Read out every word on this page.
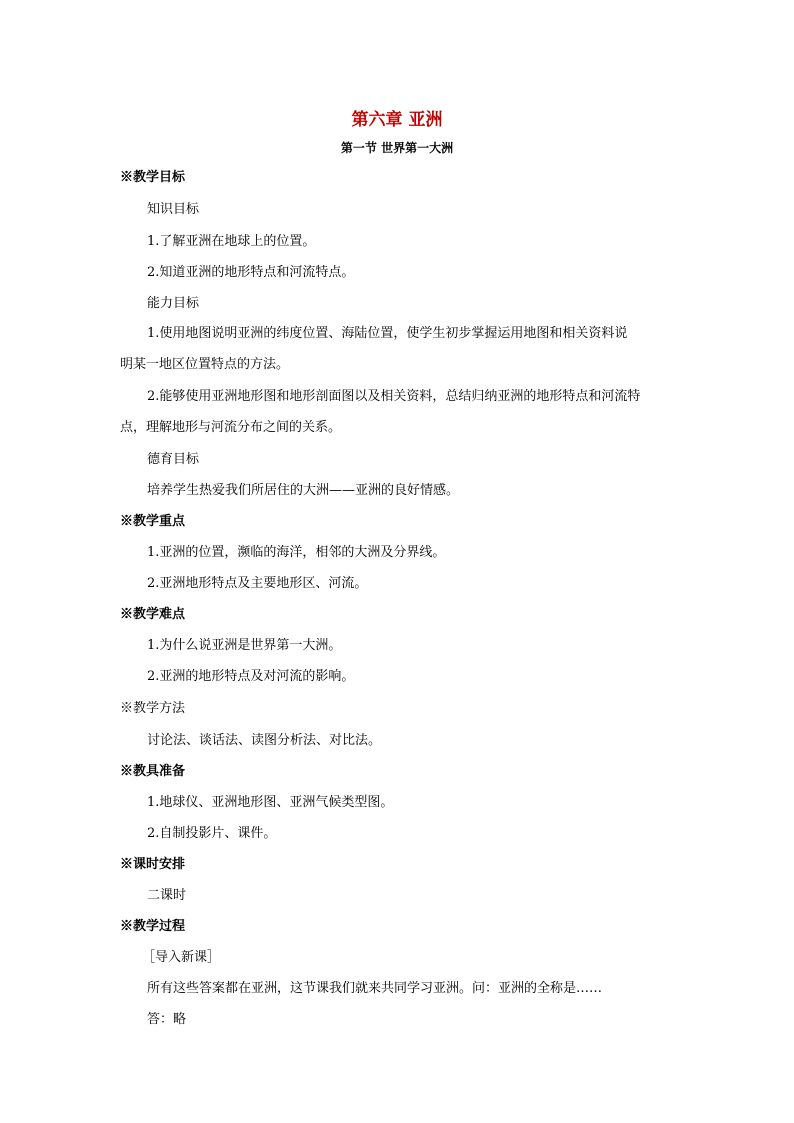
第六章 亚洲
第一节 世界第一大洲
※教学目标
知识目标
1.了解亚洲在地球上的位置。
2.知道亚洲的地形特点和河流特点。
能力目标
1.使用地图说明亚洲的纬度位置、海陆位置，使学生初步掌握运用地图和相关资料说
明某一地区位置特点的方法。
2.能够使用亚洲地形图和地形剖面图以及相关资料，总结归纳亚洲的地形特点和河流特
点，理解地形与河流分布之间的关系。
德育目标
培养学生热爱我们所居住的大洲——亚洲的良好情感。
※教学重点
1.亚洲的位置，濒临的海洋，相邻的大洲及分界线。
2.亚洲地形特点及主要地形区、河流。
※教学难点
1.为什么说亚洲是世界第一大洲。
2.亚洲的地形特点及对河流的影响。
※教学方法
讨论法、谈话法、读图分析法、对比法。
※教具准备
1.地球仪、亚洲地形图、亚洲气候类型图。
2.自制投影片、课件。
※课时安排
二课时
※教学过程
［导入新课］
所有这些答案都在亚洲，这节课我们就来共同学习亚洲。问：亚洲的全称是……
答：略
